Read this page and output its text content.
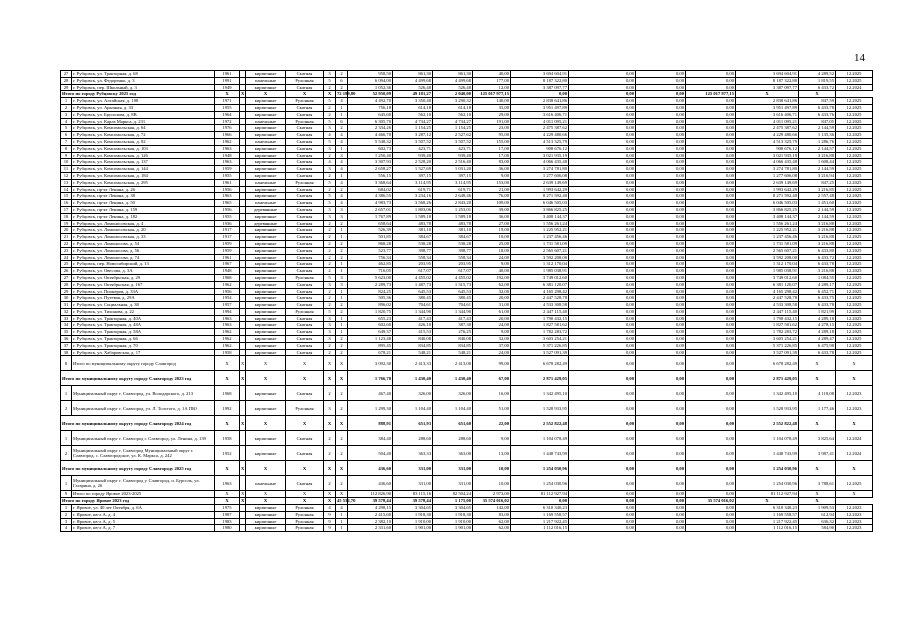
14
27	г. Рубцовск, ул. Тракторная, д. 68	1961		кирпичные	Скатная	3	2	958,50	861,30	861,30	40,00	3 694 604,91	0,00	0,00	0,00	3 694 604,91	4 289,52	12.2025
28	г. Рубцовск, ул. Федоренко, д. 3	1991		панельные	Рулонная	5	6	6 094,00	4 499,68	4 499,68	177,00	8 187 322,80	0,00	0,00	0,00	8 187 322,80	1 819,55	12.2025
29	г. Рубцовск, пер. Школьный, д. 3	1949		кирпичные	Скатная	2	2	1 052,36	526,48	526,48	12,00	3 387 097,77	0,00	0,00	0,00	3 387 097,77	6 433,72	12.2024
Итого по городу Рубцовску 2025 год		X	X	X	X	X	72 199,80	52 950,09	49 181,27	2 040,00	125 017 977,15	0,00	0,00	0,00	125 017 977,15	X	X	
1	г. Рубцовск, ул. Алтайская, д. 108	1971		кирпичные	Рулонная	5	4	4 492,70	3 350,40	3 290,32	140,00	2 838 641,86	0,00	0,00	0,00	2 838 641,86	847,59	12.2025
2	г. Рубцовск, ул. Арычная, д. 33	1955		кирпичные	Скатная	2	1	756,18	614,18	614,18	35,00	3 951 497,89	0,00	0,00	0,00	3 951 497,89	6 433,78	12.2025
3	г. Рубцовск, ул. Брусилова, д. 8В	1964		кирпичные	Скатная	2	1	645,60	562,10	562,10	29,00	3 616 406,71	0,00	0,00	0,00	3 616 406,71	6 433,76	12.2025
4	г. Рубцовск, ул. Карла Маркса, д. 231	1972		панельные	Рулонная	5	6	6 305,70	4 734,27	4 734,27	191,00	4 011 095,21	0,00	0,00	0,00	4 011 095,21	847,05	12.2025
5	г. Рубцовск, ул. Комсомольская, д. 64	1976		кирпичные	Скатная	3	2	2 334,26	1 154,25	1 154,25	23,00	2 475 387,62	0,00	0,00	0,00	2 475 387,62	2 144,59	12.2025
6	г. Рубцовск, ул. Комсомольская, д. 72	1966		кирпичные	Скатная	4	4	4 466,70	3 287,12	2 527,62	95,00	4 229 480,66	0,00	0,00	0,00	4 229 480,66	1 135,36	12.2025
7	г. Рубцовск, ул. Комсомольская, д. 82	1962		панельные	Скатная	5	4	5 548,32	3 507,52	3 507,52	155,00	4 513 325,79	0,00	0,00	0,00	4 513 325,79	1 286,76	12.2025
8	г. Рубцовск, ул. Комсомольская, д. 103	1963		кирпичные	Скатная	3	1	602,73	423,71	423,71	17,00	908 676,12	0,00	0,00	0,00	908 676,12	2 144,57	12.2025
9	г. Рубцовск, ул. Комсомольская, д. 126	1948		кирпичные	Скатная	2	3	1 250,40	939,40	939,40	17,00	3 021 935,19	0,00	0,00	0,00	3 021 935,19	3 216,88	12.2025
10	г. Рубцовск, ул. Комсомольская, д. 137	1963		кирпичные	Скатная	4	4	3 307,93	2 528,20	2 516,40	83,00	4 066 435,48	0,00	0,00	0,00	4 066 435,48	1 608,44	12.2025
11	г. Рубцовск, ул. Комсомольская, д. 144	1959		кирпичные	Скатная	3	4	2 658,27	1 527,69	1 031,20	36,00	3 274 781,80	0,00	0,00	0,00	3 274 781,80	2 144,59	12.2025
12	г. Рубцовск, ул. Комсомольская, д. 184	1955		кирпичные	Скатная	2	1	556,15	397,15	397,15	9,00	1 277 606,08	0,00	0,00	0,00	1 277 606,08	3 216,94	12.2025
13	г. Рубцовск, ул. Комсомольская, д. 295	1961		панельные	Рулонная	5	4	3 368,64	3 114,95	3 114,95	153,00	2 639 149,69	0,00	0,00	0,00	2 639 149,69	847,25	12.2025
14	г. Рубцовск, пр-кт Ленина, д. 26	1956		кирпичные	Скатная	2	2	684,02	619,71	619,71	21,00	1 993 642,29	0,00	0,00	0,00	1 993 642,29	3 216,85	12.2025
15	г. Рубцовск, пр-кт Ленина, д. 38	1963		кирпичные	Скатная	5	4	4 386,55	3 234,16	2 648,46	76,00	8 271 592,40	0,00	0,00	0,00	8 271 592,40	2 557,48	12.2025
16	г. Рубцовск, пр-кт Ленина, д. 50	1965		панельные	Скатная	5	4	4 983,73	3 568,26	2 843,20	109,00	6 046 505,03	0,00	0,00	0,00	6 046 505,03	1 451,60	12.2025
17	г. Рубцовск, пр-кт Ленина, д. 159	1956		деревянные	Скатная	3	3	2 657,01	1 803,06	1 253,01	39,00	3 866 825,25	0,00	0,00	0,00	3 866 825,25	2 144,59	12.2025
18	г. Рубцовск, пр-кт Ленина, д. 182	1955		кирпичные	Скатная	3	3	1 767,89	1 589,18	1 589,18	36,00	3 408 144,37	0,00	0,00	0,00	3 408 144,37	2 144,59	12.2025
19	г. Рубцовск, ул. Ломоносовская, д. 4	1936		деревянные	Скатная	2	2	658,64	483,78	483,78	27,00	1 556 261,24	0,00	0,00	0,00	1 556 261,24	3 216,88	12.2025
20	г. Рубцовск, ул. Ломоносовская, д. 20	1917		кирпичные	Скатная	2	1	526,39	381,10	381,10	19,00	1 225 952,21	0,00	0,00	0,00	1 225 952,21	3 216,88	12.2025
21	г. Рубцовск, ул. Ломоносовская, д. 33	1917		кирпичные	Скатная	2	1	501,85	384,67	384,67	10,00	1 237 456,46	0,00	0,00	0,00	1 237 456,46	3 216,88	12.2025
22	г. Рубцовск, ул. Ломоносова, д. 54	1959		кирпичные	Скатная	2	2	868,28	538,28	538,28	25,00	1 731 581,09	0,00	0,00	0,00	1 731 581,09	3 216,88	12.2025
23	г. Рубцовск, ул. Ломоносова, д. 56	1959		кирпичные	Скатная	2	2	523,77	398,77	398,77	18,00	2 565 607,21	0,00	0,00	0,00	2 565 607,21	6 433,80	12.2025
24	г. Рубцовск, ул. Ломоносова, д. 74	1961		кирпичные	Скатная	2	2	756,34	558,34	558,34	24,00	3 592 208,00	0,00	0,00	0,00	3 592 208,00	6 433,72	12.2025
25	г. Рубцовск, пер. Новосибирский, д. 13	1967		кирпичные	Скатная	2	1	462,85	203,95	203,95	9,00	1 312 170,04	0,00	0,00	0,00	1 312 170,04	6 433,78	12.2025
26	г. Рубцовск, ул. Овесова, д. 3А	1948		кирпичные	Скатная	2	1	716,05	617,07	617,07	40,00	1 985 038,91	0,00	0,00	0,00	1 985 038,91	3 216,88	12.2025
27	г. Рубцовск, ул. Октябрьская, д. 29	1968		кирпичные	Рулонная	5	3	5 623,00	4 455,02	4 455,02	192,00	3 749 012,60	0,00	0,00	0,00	3 749 012,60	1 084,55	12.2025
28	г. Рубцовск, ул. Октябрьская, д. 167	1962		кирпичные	Скатная	3	3	2 289,73	1 487,73	1 315,73	62,00	6 381 120,07	0,00	0,00	0,00	6 381 120,07	4 289,17	12.2025
29	г. Рубцовск, ул. Пионеров, д. 33А	1956		кирпичные	Скатная	2	1	824,25	645,53	645,53	32,00	4 165 298,42	0,00	0,00	0,00	4 165 298,42	6 452,71	12.2025
30	г. Рубцовск, ул. Путевая, д. 29А	1954		кирпичные	Скатная	2	1	505,36	380,45	380,45	20,00	2 447 528,78	0,00	0,00	0,00	2 447 528,78	6 433,75	12.2025
31	г. Рубцовск, ул. Социальная, д. 38	1957		кирпичные	Скатная	2	2	896,02	704,61	704,61	31,00	4 533 308,58	0,00	0,00	0,00	4 533 308,58	6 433,78	12.2025
32	г. Рубцовск, ул. Тихонова, д. 22	1994		кирпичные	Рулонная	5	2	1 820,75	1 344,90	1 344,90	61,00	2 447 115,40	0,00	0,00	0,00	2 447 115,40	1 821,99	12.2025
33	г. Рубцовск, ул. Тракторная, д. 40А	1963		кирпичные	Скатная	3	1	655,23	417,43	417,43	20,00	1 790 432,15	0,00	0,00	0,00	1 790 432,15	4 289,18	12.2025
34	г. Рубцовск, ул. Тракторная, д. 48А	1963		кирпичные	Скатная	3	1	602,60	426,10	387,30	24,00	1 827 581,62	0,00	0,00	0,00	1 827 581,62	4 278,15	12.2025
35	г. Рубцовск, ул. Тракторная, д. 58А	1962		кирпичные	Скатная	3	1	649,37	415,53	276,25	9,00	1 782 283,72	0,00	0,00	0,00	1 782 283,72	4 289,18	12.2025
36	г. Рубцовск, ул. Тракторная, д. 66	1962		кирпичные	Скатная	3	2	1 123,48	840,08	840,08	32,00	3 603 254,21	0,00	0,00	0,00	3 603 254,21	4 289,47	12.2025
37	г. Рубцовск, ул. Тракторная, д. 70	1962		кирпичные	Скатная	2	2	895,45	834,85	834,85	37,00	5 371 226,85	0,00	0,00	0,00	5 371 226,85	6 475,98	12.2025
38	г. Рубцовск, ул. Хабаровская, д. 17	1958		кирпичные	Скатная	2	2	678,21	548,21	548,21	24,00	3 527 091,39	0,00	0,00	0,00	3 527 091,39	6 433,78	12.2025
8	Итого по муниципальному округу городу Славгород	X	X	X	X	X	X	3 092,30	2 413,33	2 413,00	99,00	6 678 282,49	0,00	0,00	0,00	6 678 282,49	X	X
Итого по муниципальному округу городу Славгороду 2023 год		X	X	X	X	X	X	1 766,70	1 430,40	1 430,40	67,00	2 871 429,05	0,00	0,00	0,00	2 871 429,05	X	X
1	Муниципальный округ г. Славгород, ул. Володарского, д. 213	1968		кирпичные	Скатная	2	2	467,40	326,00	326,00	16,00	1 342 495,10	0,00	0,00	0,00	1 342 495,10	4 118,08	12.2023
2	Муниципальный округ г. Славгород, ул. Л. Толстого, д. 1А ПЮ	1992		кирпичные	Рулонная	3	2	1 299,30	1 104,40	1 104,40	51,00	1 528 933,95	0,00	0,00	0,00	1 528 933,95	1 177,46	12.2023
Итого по муниципальному округу городу Славгороду 2024 год		X	X	X	X	X	X	888,91	651,93	651,60	22,00	2 552 822,48	0,00	0,00	0,00	2 552 822,48	X	X
1	Муниципальный округ г. Славгород г. Славгород, ул. Ленина, д. 139	1958		кирпичные	Скатная	2	2	384,40	288,60	288,60	9,00	1 104 078,49	0,00	0,00	0,00	1 104 078,49	3 825,64	12.2024
2	Муниципальный округ г. Славгород Муниципальный округ г. Славгород, с. Славгородское, ул. К. Маркса, д. 242	1952		кирпичные	Скатная	2	2	504,40	363,33	363,00	13,00	1 448 743,99	0,00	0,00	0,00	1 448 743,99	3 987,41	12.2024
Итого по муниципальному округу городу Славгороду 2025 год		X	X	X	X	X	X	436,60	331,00	331,00	10,00	1 254 030,96	0,00	0,00	0,00	1 254 030,96	X	X
1	Муниципальный округ г. Славгород у. Славгород, п. Бурсоль, ул. Гагарина, д. 26	1963		панельные	Скатная	2	2	436,60	331,00	331,00	10,00	1 254 030,96	0,00	0,00	0,00	1 254 030,96	3 788,61	12.2025
9	Итого по городу Яровое 2023-2025	X	X	X	X	X	X	112 826,90	83 115,16	82 504,24	2 973,00	81 112 927,94	0,00	0,00	0,00	81 112 927,94	X	X
Итого по городу Яровое 2023 год		X	X	X	X	X	45 532,70	39 578,44	39 578,44	1 175,00	35 574 016,02	0,00	0,00	0,00	35 574 016,02	X	X	
1	г. Яровое, ул. 40 лет Октября, д. 6А	1975		кирпичные	Рулонная	4	4	4 298,15	3 304,65	3 304,65	142,00	6 310 340,23	0,00	0,00	0,00	6 310 340,23	1 909,53	12.2023
2	г. Яровое, кв-л А, д. 4	1987		кирпичные	Рулонная	9	1	2 415,60	1 918,30	1 918,30	83,00	1 169 558,57	0,00	0,00	0,00	1 169 558,57	612,94	12.2023
3	г. Яровое, кв-л А, д. 5	1983		кирпичные	Рулонная	9	1	2 382,10	1 910,00	1 910,00	62,00	1 217 922,45	0,00	0,00	0,00	1 217 922,45	636,32	12.2023
4	г. Яровое, кв-л А, д. 7	1980		кирпичные	Рулонная	9	1	2 331,60	1 901,00	1 901,00	62,00	1 112 016,15	0,00	0,00	0,00	1 112 016,15	584,90	12.2023
